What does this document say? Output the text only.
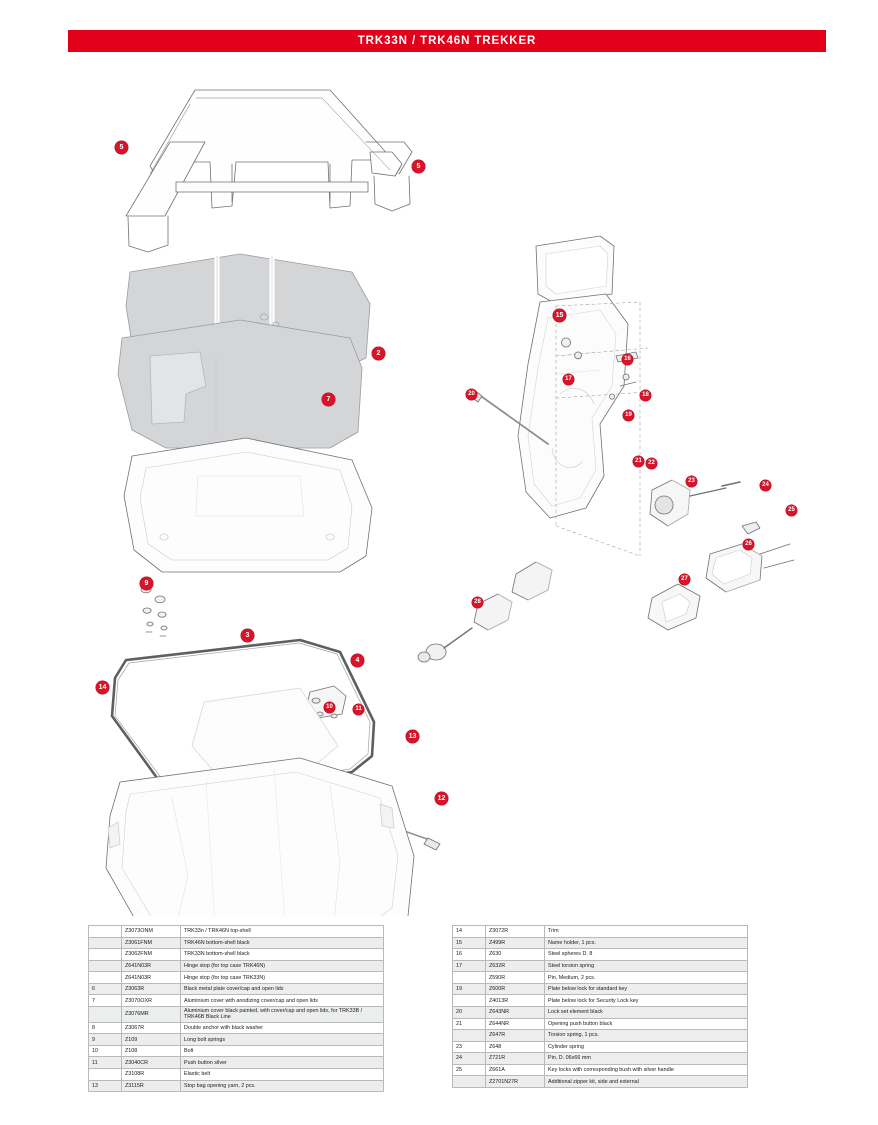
TRK33N / TRK46N TREKKER
5
5
2
7
9
3
4
14
10	11
13
12
15
16
17
18
20
19
21	22
23
24
25
26
27
28
	Z3073ONM	TRK33n / TRK46N top-shell
	Z3061FNM	TRK46N bottom-shell black
	Z3062FNM	TRK33N bottom-shell black
	Z641N03R	Hinge stop (for top case TRK46N)
	Z641N03R	Hinge stop (for top case TRK33N)
6	Z3063R	Black metal plate cover/cap and open lids
7	Z3070OXR	Aluminium cover with anodizing cover/cap and open lids
	Z3076MR	Aluminium cover black painted, with cover/cap and open lids, for TRK33B / TRK46B Black Line
8	Z3067R	Double anchor with black washer
9	Z109	Long bolt springs
10	Z108	Bolt
11	Z3040CR	Push button silver
	Z3108R	Elastic belt
13	Z3115R	Stop bag opening yarn, 2 pcs.
14	Z3072R	Trim
15	Z499R	Name holder, 1 pcs.
16	Z630	Steel spheres D. 8
17	Z632R	Steel torsion spring
	Z590R	Pin, Medium, 2 pcs.
19	Z600R	Plate below lock for standard key
	Z4013R	Plate below lock for Security Lock key
20	Z643NR	Lock set element black
21	Z644NR	Opening push button black
	Z647R	Torsion spring, 1 pcs.
23	Z648	Cylinder spring
24	Z721R	Pin, D. 06x66 mm
25	Z661A	Key locks with corresponding bush with silver handle
	Z2701N27R	Additional zipper kit, side and external
